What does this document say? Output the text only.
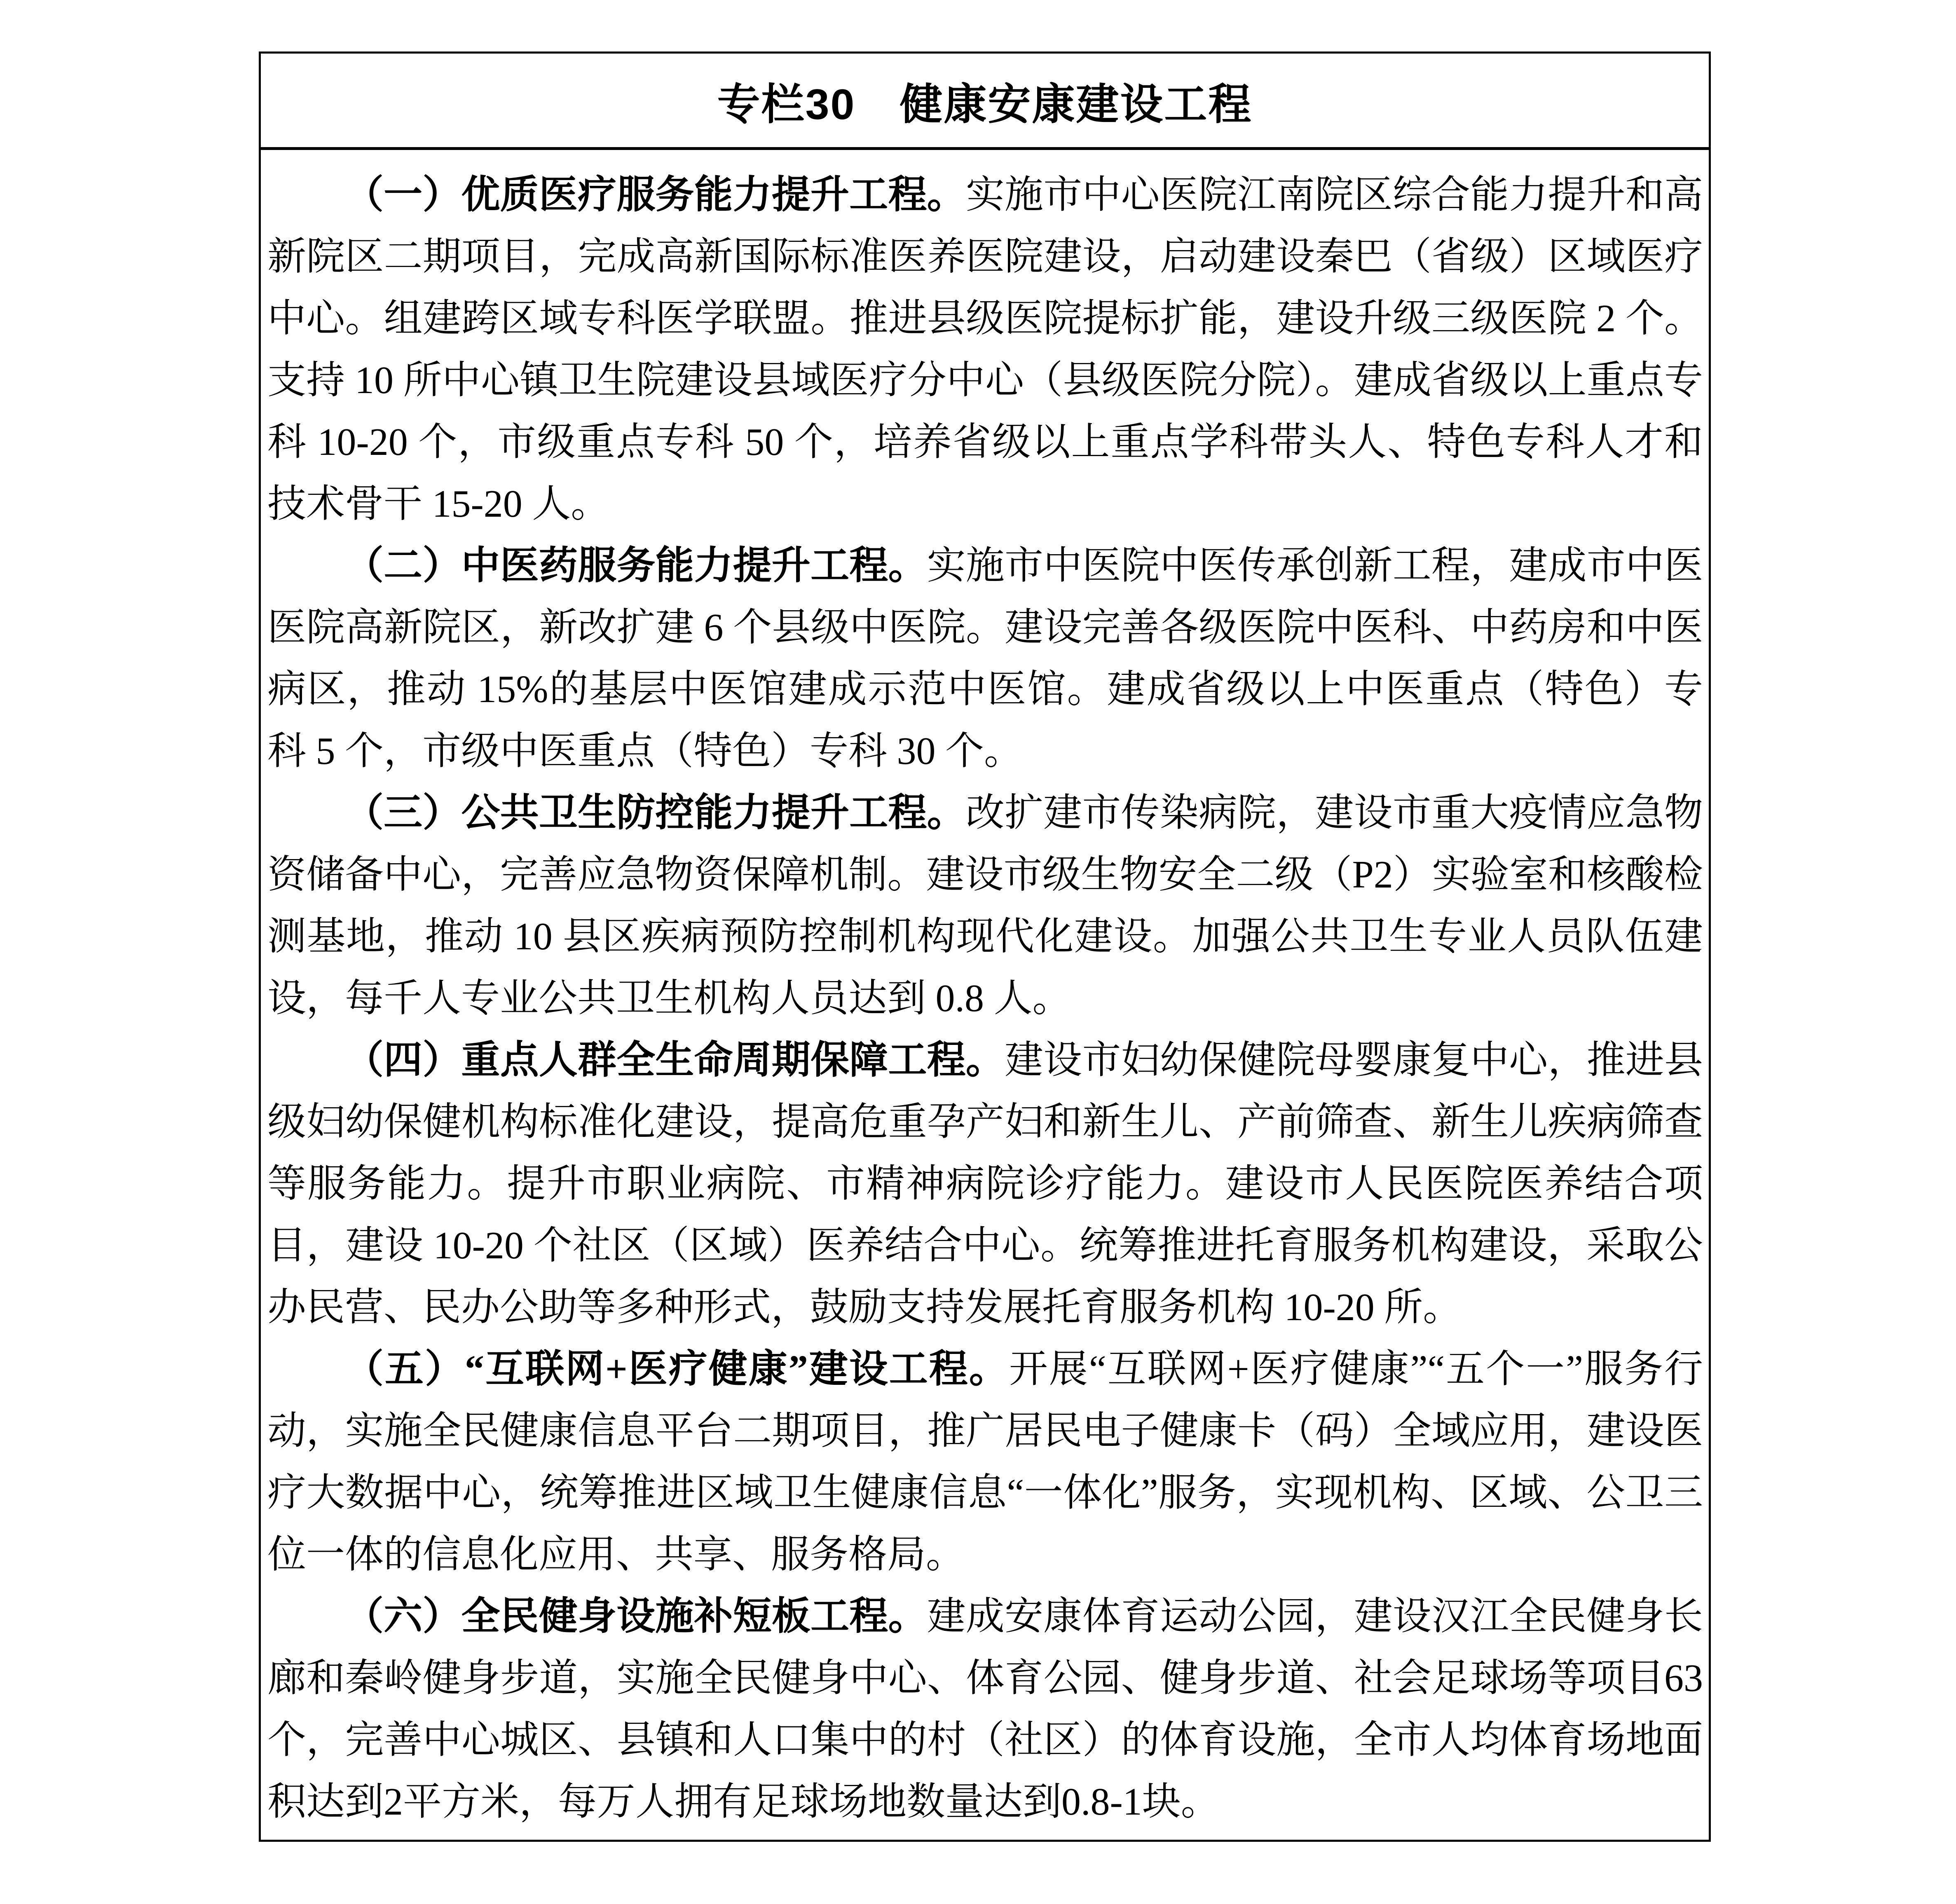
专栏30　健康安康建设工程

（一）优质医疗服务能力提升工程。实施市中心医院江南院区综合能力提升和高新院区二期项目，完成高新国际标准医养医院建设，启动建设秦巴（省级）区域医疗中心。组建跨区域专科医学联盟。推进县级医院提标扩能，建设升级三级医院 2 个。支持 10 所中心镇卫生院建设县域医疗分中心（县级医院分院）。建成省级以上重点专科 10-20 个，市级重点专科 50 个，培养省级以上重点学科带头人、特色专科人才和技术骨干 15-20 人。

（二）中医药服务能力提升工程。实施市中医院中医传承创新工程，建成市中医医院高新院区，新改扩建 6 个县级中医院。建设完善各级医院中医科、中药房和中医病区，推动 15%的基层中医馆建成示范中医馆。建成省级以上中医重点（特色）专科 5 个，市级中医重点（特色）专科 30 个。

（三）公共卫生防控能力提升工程。改扩建市传染病院，建设市重大疫情应急物资储备中心，完善应急物资保障机制。建设市级生物安全二级（P2）实验室和核酸检测基地，推动 10 县区疾病预防控制机构现代化建设。加强公共卫生专业人员队伍建设，每千人专业公共卫生机构人员达到 0.8 人。

（四）重点人群全生命周期保障工程。建设市妇幼保健院母婴康复中心，推进县级妇幼保健机构标准化建设，提高危重孕产妇和新生儿、产前筛查、新生儿疾病筛查等服务能力。提升市职业病院、市精神病院诊疗能力。建设市人民医院医养结合项目，建设 10-20 个社区（区域）医养结合中心。统筹推进托育服务机构建设，采取公办民营、民办公助等多种形式，鼓励支持发展托育服务机构 10-20 所。

（五）“互联网+医疗健康”建设工程。开展“互联网+医疗健康”“五个一”服务行动，实施全民健康信息平台二期项目，推广居民电子健康卡（码）全域应用，建设医疗大数据中心，统筹推进区域卫生健康信息“一体化”服务，实现机构、区域、公卫三位一体的信息化应用、共享、服务格局。

（六）全民健身设施补短板工程。建成安康体育运动公园，建设汉江全民健身长廊和秦岭健身步道，实施全民健身中心、体育公园、健身步道、社会足球场等项目63个，完善中心城区、县镇和人口集中的村（社区）的体育设施，全市人均体育场地面积达到2平方米，每万人拥有足球场地数量达到0.8-1块。
